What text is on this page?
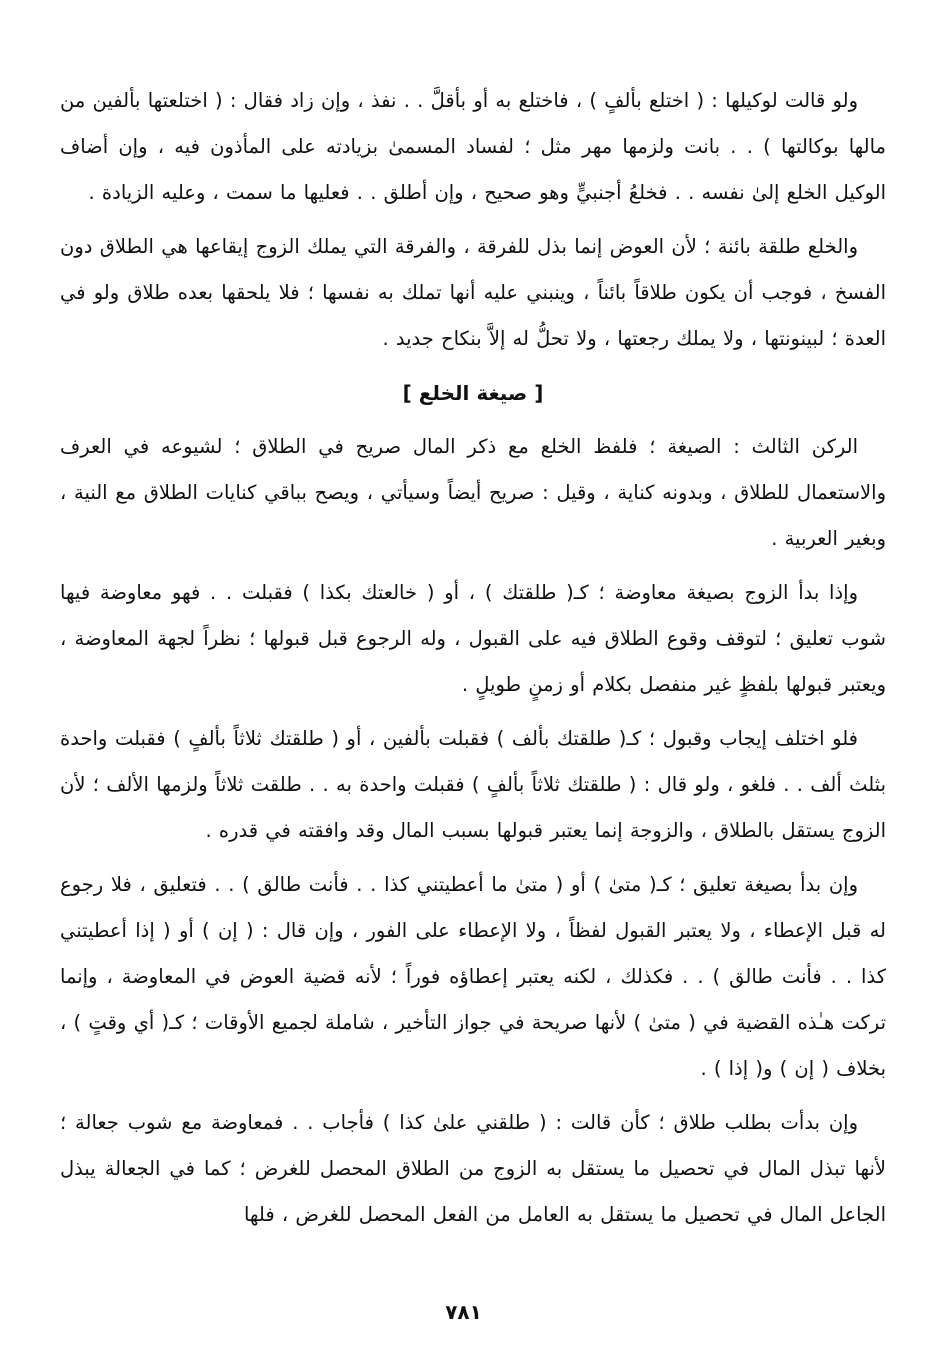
ولو قالت لوكيلها : ( اختلع بألفٍ ) ، فاختلع به أو بأقلَّ . . نفذ ، وإن زاد فقال : ( اختلعتها بألفين من مالها بوكالتها ) . . بانت ولزمها مهر مثل ؛ لفساد المسمىٰ بزيادته على المأذون فيه ، وإن أضاف الوكيل الخلع إلىٰ نفسه . . فخلعُ أجنبيٍّ وهو صحيح ، وإن أطلق . . فعليها ما سمت ، وعليه الزيادة .

والخلع طلقة بائنة ؛ لأن العوض إنما بذل للفرقة ، والفرقة التي يملك الزوج إيقاعها هي الطلاق دون الفسخ ، فوجب أن يكون طلاقاً بائناً ، وينبني عليه أنها تملك به نفسها ؛ فلا يلحقها بعده طلاق ولو في العدة ؛ لبينونتها ، ولا يملك رجعتها ، ولا تحلُّ له إلاَّ بنكاح جديد .

[ صيغة الخلع ]

الركن الثالث : الصيغة ؛ فلفظ الخلع مع ذكر المال صريح في الطلاق ؛ لشيوعه في العرف والاستعمال للطلاق ، وبدونه كناية ، وقيل : صريح أيضاً وسيأتي ، ويصح بباقي كنايات الطلاق مع النية ، وبغير العربية .

وإذا بدأ الزوج بصيغة معاوضة ؛ كـ( طلقتك ) ، أو ( خالعتك بكذا ) فقبلت . . فهو معاوضة فيها شوب تعليق ؛ لتوقف وقوع الطلاق فيه على القبول ، وله الرجوع قبل قبولها ؛ نظراً لجهة المعاوضة ، ويعتبر قبولها بلفظٍ غير منفصل بكلام أو زمنٍ طويلٍ .

فلو اختلف إيجاب وقبول ؛ كـ( طلقتك بألف ) فقبلت بألفين ، أو ( طلقتك ثلاثاً بألفٍ ) فقبلت واحدة بثلث ألف . . فلغو ، ولو قال : ( طلقتك ثلاثاً بألفٍ ) فقبلت واحدة به . . طلقت ثلاثاً ولزمها الألف ؛ لأن الزوج يستقل بالطلاق ، والزوجة إنما يعتبر قبولها بسبب المال وقد وافقته في قدره .

وإن بدأ بصيغة تعليق ؛ كـ( متىٰ ) أو ( متىٰ ما أعطيتني كذا . . فأنت طالق ) . . فتعليق ، فلا رجوع له قبل الإعطاء ، ولا يعتبر القبول لفظاً ، ولا الإعطاء على الفور ، وإن قال : ( إن ) أو ( إذا أعطيتني كذا . . فأنت طالق ) . . فكذلك ، لكنه يعتبر إعطاؤه فوراً ؛ لأنه قضية العوض في المعاوضة ، وإنما تركت هـٰذه القضية في ( متىٰ ) لأنها صريحة في جواز التأخير ، شاملة لجميع الأوقات ؛ كـ( أي وقتٍ ) ، بخلاف ( إن ) و( إذا ) .

وإن بدأت بطلب طلاق ؛ كأن قالت : ( طلقني علىٰ كذا ) فأجاب . . فمعاوضة مع شوب جعالة ؛ لأنها تبذل المال في تحصيل ما يستقل به الزوج من الطلاق المحصل للغرض ؛ كما في الجعالة يبذل الجاعل المال في تحصيل ما يستقل به العامل من الفعل المحصل للغرض ، فلها

٧٨١
